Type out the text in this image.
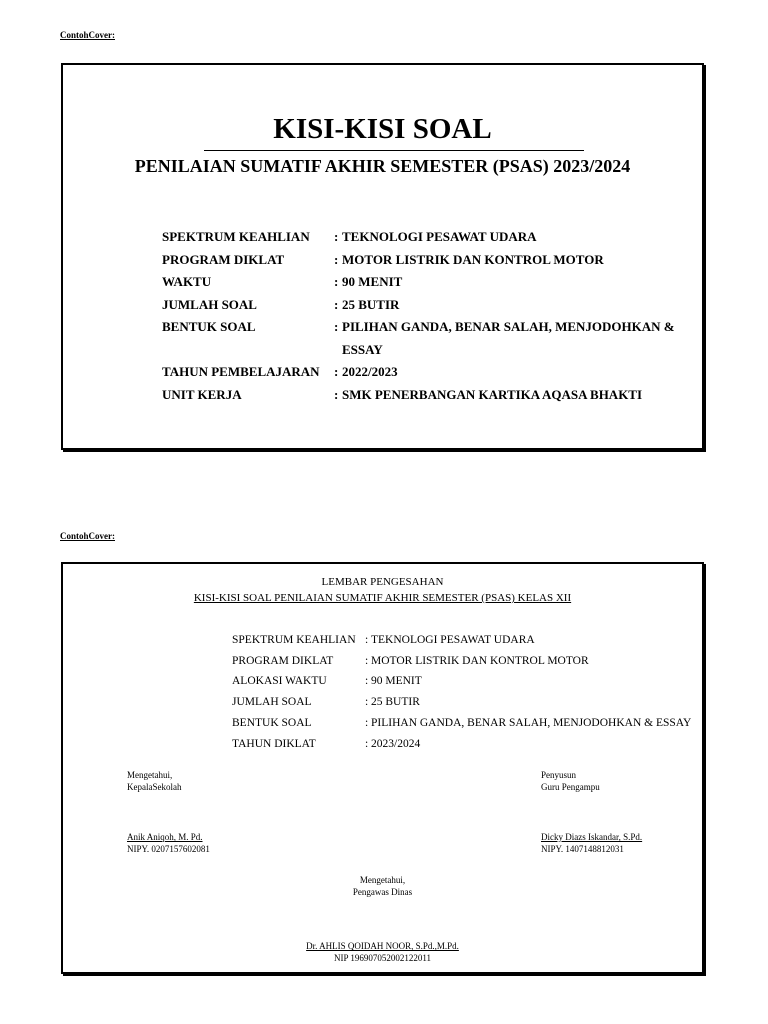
ContohCover:
KISI-KISI SOAL
PENILAIAN SUMATIF AKHIR SEMESTER (PSAS) 2023/2024
SPEKTRUM KEAHLIAN	: TEKNOLOGI PESAWAT UDARA
PROGRAM DIKLAT	: MOTOR LISTRIK DAN KONTROL MOTOR
WAKTU	: 90 MENIT
JUMLAH SOAL	: 25 BUTIR
BENTUK SOAL	: PILIHAN GANDA, BENAR SALAH, MENJODOHKAN &
ESSAY
TAHUN PEMBELAJARAN	: 2022/2023
UNIT KERJA	: SMK PENERBANGAN KARTIKA AQASA BHAKTI
ContohCover:
LEMBAR PENGESAHAN
KISI-KISI SOAL PENILAIAN SUMATIF AKHIR SEMESTER (PSAS) KELAS XII
SPEKTRUM KEAHLIAN : TEKNOLOGI PESAWAT UDARA
PROGRAM DIKLAT	: MOTOR LISTRIK DAN KONTROL MOTOR
ALOKASI WAKTU	: 90 MENIT
JUMLAH SOAL	: 25 BUTIR
BENTUK SOAL	: PILIHAN GANDA, BENAR SALAH, MENJODOHKAN & ESSAY
TAHUN DIKLAT	: 2023/2024
Mengetahui,
KepalaSekolah
Anik Aniqoh, M. Pd.
NIPY. 0207157602081
Penyusun
Guru Pengampu
Dicky Diazs Iskandar, S.Pd.
NIPY. 1407148812031
Mengetahui,
Pengawas Dinas
Dr. AHLIS QOIDAH NOOR, S.Pd.,M.Pd.
NIP 196907052002122011
